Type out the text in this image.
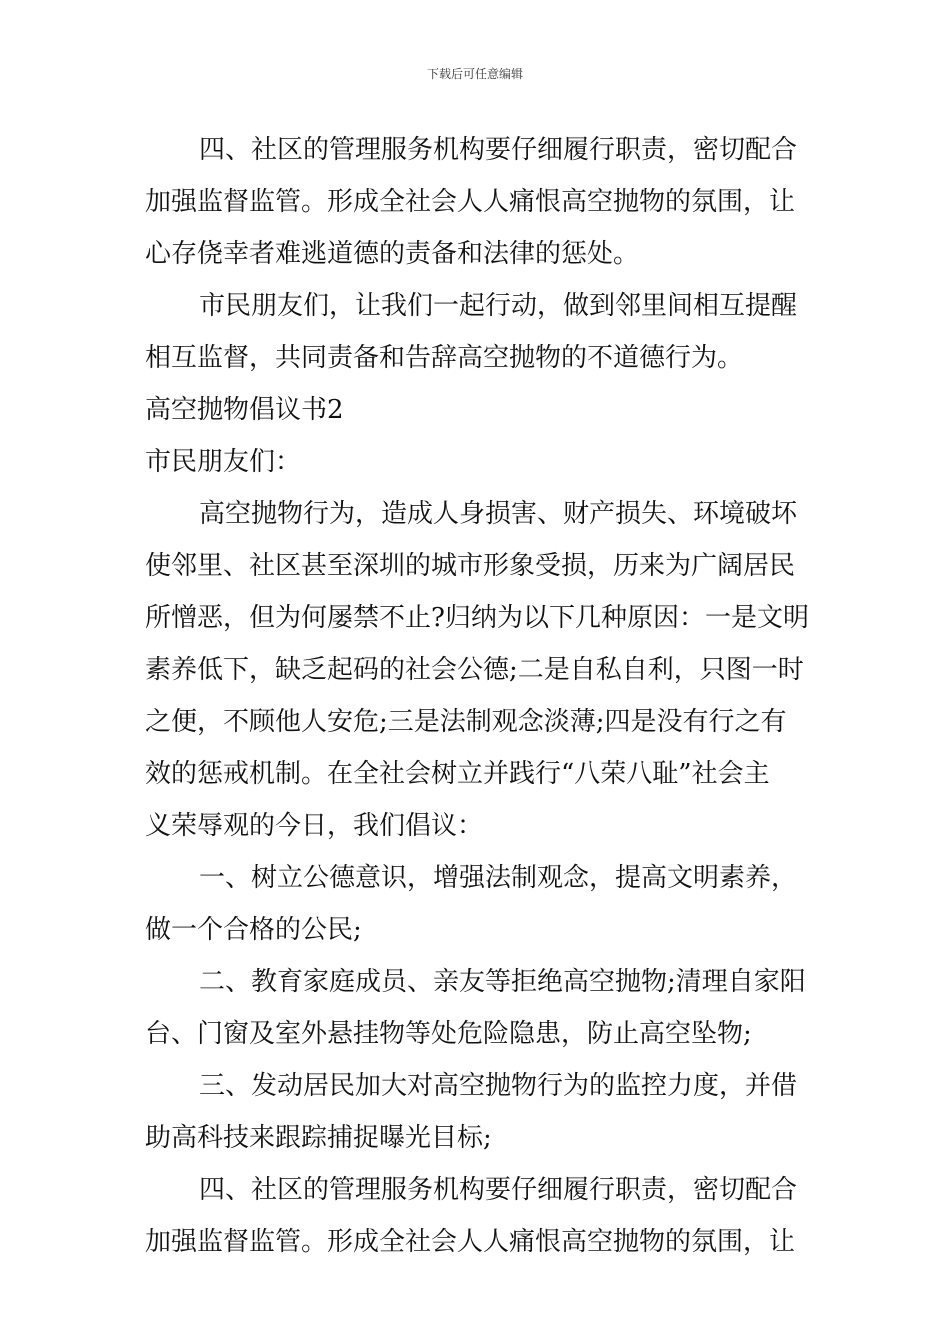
下载后可任意编辑
四、社区的管理服务机构要仔细履行职责，密切配合
加强监督监管。形成全社会人人痛恨高空抛物的氛围，让
心存侥幸者难逃道德的责备和法律的惩处。
市民朋友们，让我们一起行动，做到邻里间相互提醒
相互监督，共同责备和告辞高空抛物的不道德行为。
高空抛物倡议书2
市民朋友们：
高空抛物行为，造成人身损害、财产损失、环境破坏
使邻里、社区甚至深圳的城市形象受损，历来为广阔居民
所憎恶，但为何屡禁不止?归纳为以下几种原因：一是文明
素养低下，缺乏起码的社会公德;二是自私自利，只图一时
之便，不顾他人安危;三是法制观念淡薄;四是没有行之有
效的惩戒机制。在全社会树立并践行“八荣八耻”社会主
义荣辱观的今日，我们倡议：
一、树立公德意识，增强法制观念，提高文明素养，
做一个合格的公民;
二、教育家庭成员、亲友等拒绝高空抛物;清理自家阳
台、门窗及室外悬挂物等处危险隐患，防止高空坠物;
三、发动居民加大对高空抛物行为的监控力度，并借
助高科技来跟踪捕捉曝光目标;
四、社区的管理服务机构要仔细履行职责，密切配合
加强监督监管。形成全社会人人痛恨高空抛物的氛围，让
